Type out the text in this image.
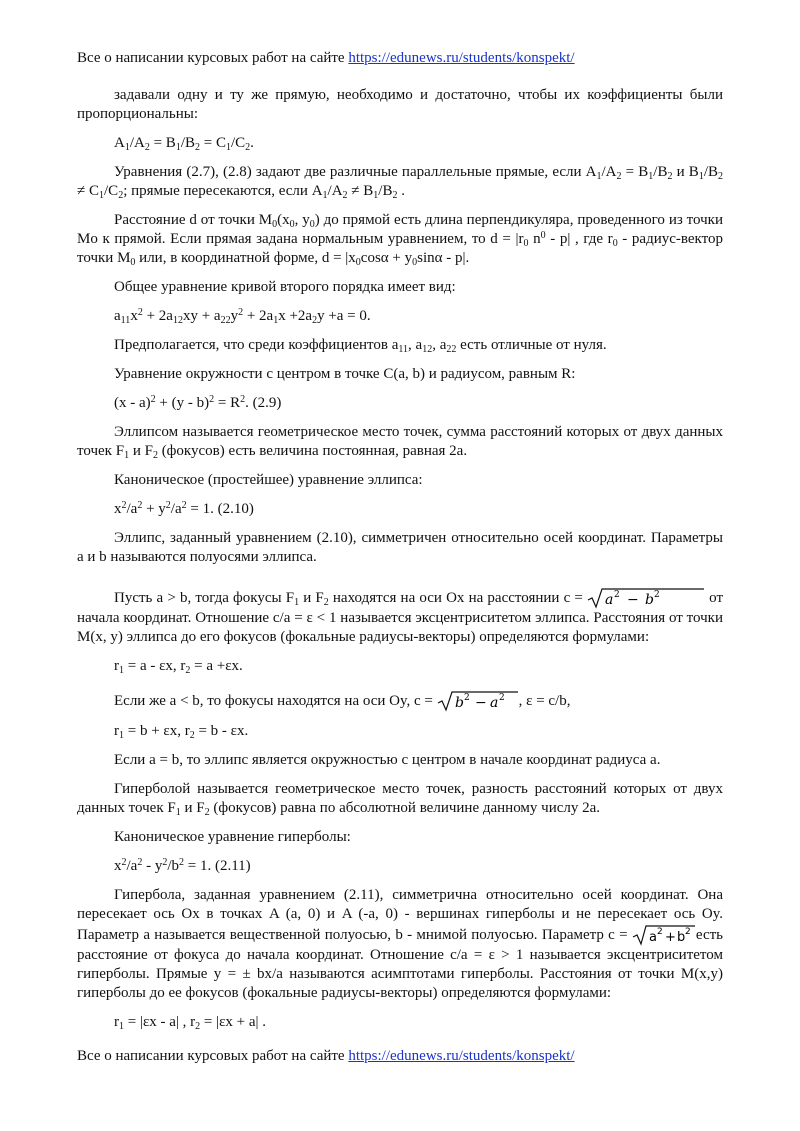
Все о написании курсовых работ на сайте https://edunews.ru/students/konspekt/

задавали одну и ту же прямую, необходимо и достаточно, чтобы их коэффициенты были пропорциональны:

$A_1/A_2 = B_1/B_2 = C_1/C_2$.

Уравнения (2.7), (2.8) задают две различные параллельные прямые, если $A_1/A_2 = B_1/B_2$ и $B_1/B_2 \ne C_1/C_2$; прямые пересекаются, если $A_1/A_2 \ne B_1/B_2$ .

Расстояние d от точки $M_0(x_0$, $y_0$) до прямой есть длина перпендикуляра, проведенного из точки Mo к прямой. Если прямая задана нормальным уравнением, то $d = |r_0$ $n^0 - p|$ , где $r_0$ - радиус-вектор точки $M_0$ или, в координатной форме, $d = |x_0\cos\alpha + y_0\sin\alpha - p|$.

Общее уравнение кривой второго порядка имеет вид:

$a_{11}x^2 + 2a_{12}xy + a_{22}y^2 + 2a_1x +2a_2y +a = 0$.

Предполагается, что среди коэффициентов $a_{11}$, $a_{12}$, $a_{22}$ есть отличные от нуля.

Уравнение окружности с центром в точке С(a, b) и радиусом, равным R:

$(x - a)^2 + (y - b)^2 = R^2$. (2.9)

Эллипсом называется геометрическое место точек, сумма расстояний которых от двух данных точек $F_1$ и $F_2$ (фокусов) есть величина постоянная, равная 2a.

Каноническое (простейшее) уравнение эллипса:

$x^2/a^2 + y^2/a^2 = 1$. (2.10)

Эллипс, заданный уравнением (2.10), симметричен относительно осей координат. Параметры a и b называются полуосями эллипса.

Пусть a > b, тогда фокусы $F_1$ и $F_2$ находятся на оси Ox на расстоянии c = a 2 − b 2	от начала координат. Отношение c/a = ε < 1 называется эксцентриситетом эллипса. Расстояния от точки M(x, y) эллипса до его фокусов (фокальные радиусы-векторы) определяются формулами:

$r_1 = a - \varepsilon x$, $r_2 = a +\varepsilon x$.

Если же a < b, то фокусы находятся на оси Oy, c = b 2 − a 2 , ε = c/b,

$r_1 = b + \varepsilon x$, $r_2 = b - \varepsilon x$.

Если a = b, то эллипс является окружностью с центром в начале координат радиуса a.

Гиперболой называется геометрическое место точек, разность расстояний которых от двух данных точек $F_1$ и $F_2$ (фокусов) равна по абсолютной величине данному числу 2a.

Каноническое уравнение гиперболы:

$x^2/a^2 - y^2/b^2 = 1$. (2.11)

Гипербола, заданная уравнением (2.11), симметрична относительно осей координат. Она пересекает ось Ox в точках A (a, 0) и A (-a, 0) - вершинах гиперболы и не пересекает ось Oy. Параметр a называется вещественной полуосью, b - мнимой полуосью. Параметр c = a 2 + b 2 есть расстояние от фокуса до начала координат. Отношение c/a = ε > 1 называется эксцентриситетом гиперболы. Прямые y = ± bx/a называются асимптотами гиперболы. Расстояния от точки M(x,y) гиперболы до ее фокусов (фокальные радиусы-векторы) определяются формулами:

$r_1 = |\varepsilon x - a|$ , $r_2 = |\varepsilon x + a|$ .

Все о написании курсовых работ на сайте https://edunews.ru/students/konspekt/
